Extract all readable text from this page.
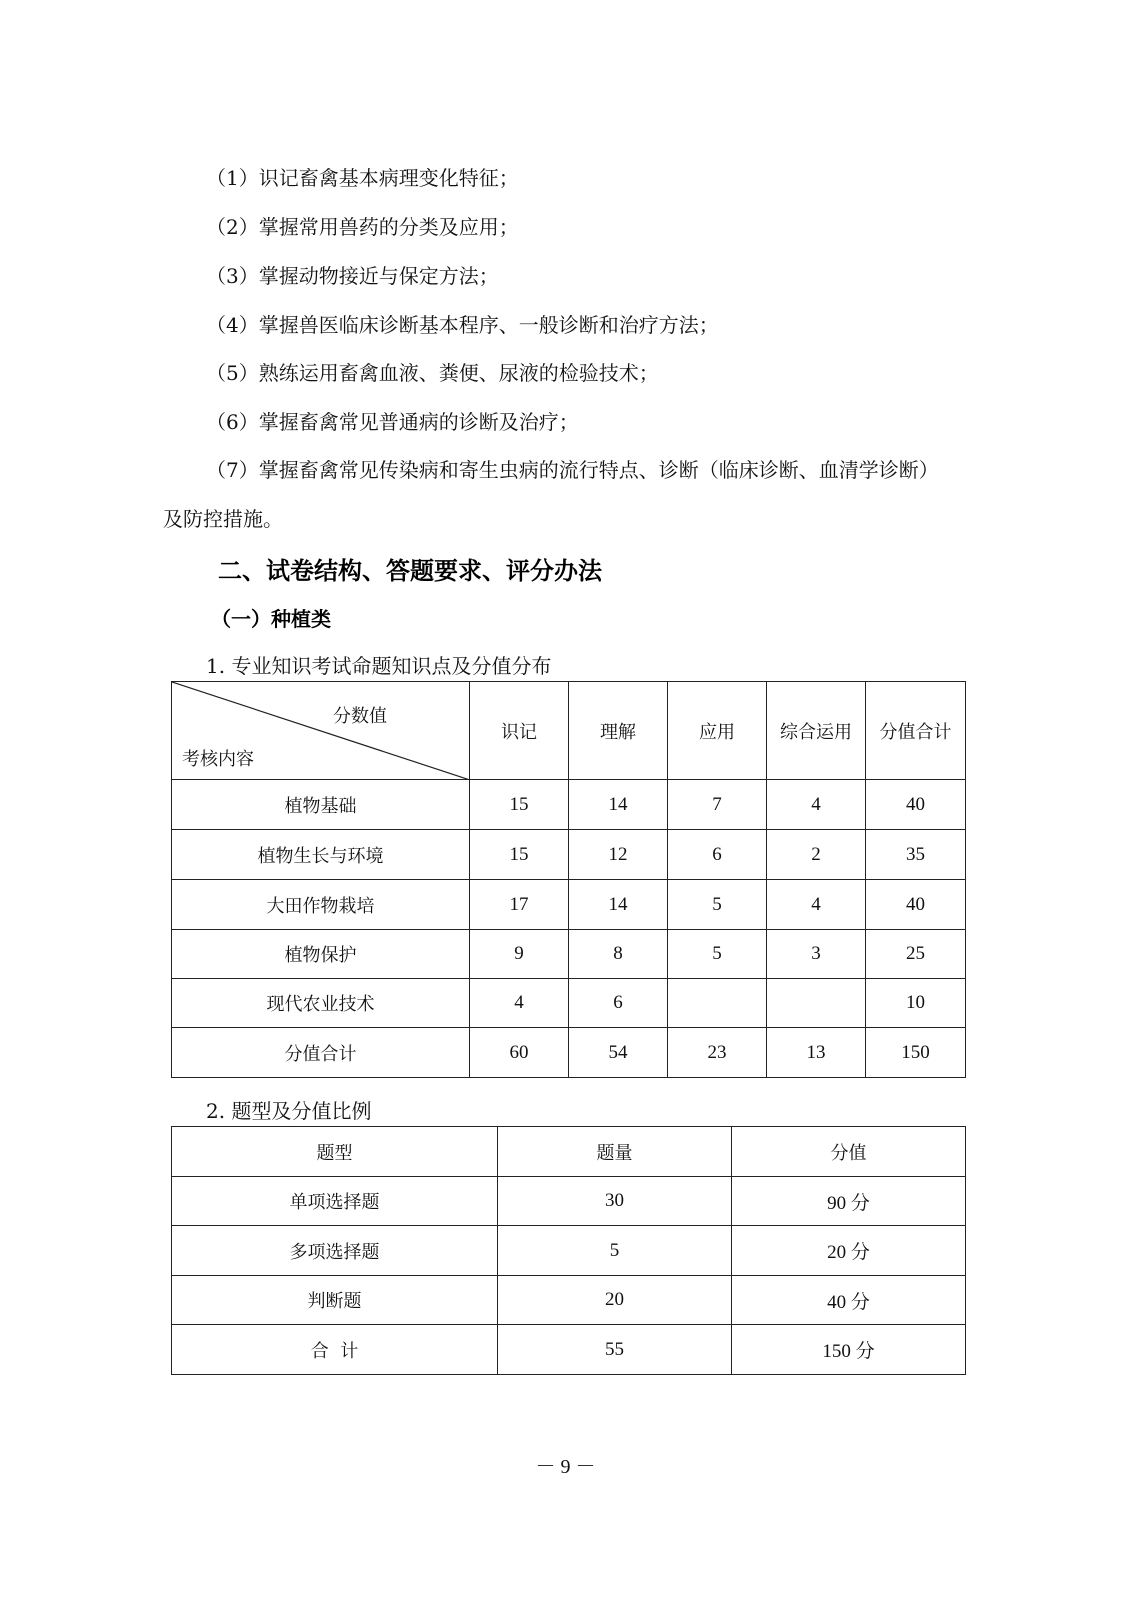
（1）识记畜禽基本病理变化特征；

（2）掌握常用兽药的分类及应用；

（3）掌握动物接近与保定方法；

（4）掌握兽医临床诊断基本程序、一般诊断和治疗方法；

（5）熟练运用畜禽血液、粪便、尿液的检验技术；

（6）掌握畜禽常见普通病的诊断及治疗；

（7）掌握畜禽常见传染病和寄生虫病的流行特点、诊断（临床诊断、血清学诊断）

及防控措施。

二、试卷结构、答题要求、评分办法
（一）种植类

1. 专业知识考试命题知识点及分值分布

分数值
考核内容	识记	理解	应用	综合运用	分值合计
植物基础	15	14	7	4	40
植物生长与环境	15	12	6	2	35
大田作物栽培	17	14	5	4	40
植物保护	9	8	5	3	25
现代农业技术	4	6			10
分值合计	60	54	23	13	150

2. 题型及分值比例

题型	题量	分值
单项选择题	30	90 分
多项选择题	5	20 分
判断题	20	40 分
合  计	55	150 分
－ 9 －
